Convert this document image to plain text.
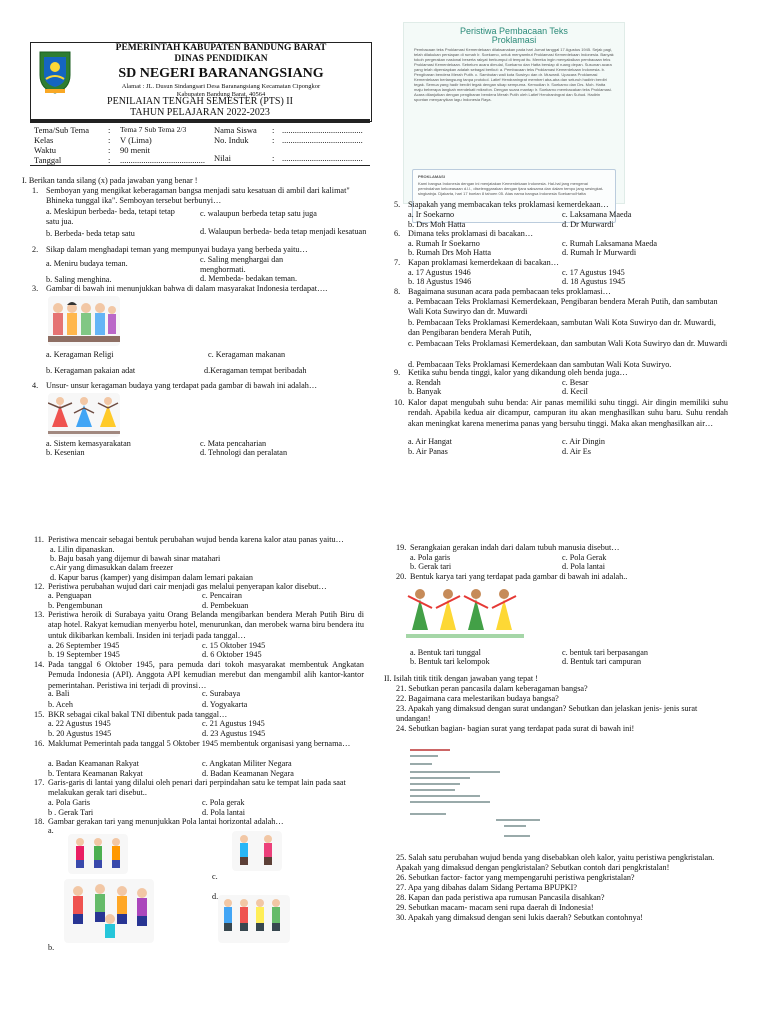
PEMERINTAH KABUPATEN BANDUNG BARAT
DINAS PENDIDIKAN
SD NEGERI BARANANGSIANG
Alamat : JL. Dusun Sindangsari Desa Baranangsiang Kecamatan Cipongkor
Kabupaten Bandung Barat, 40564
PENILAIAN TENGAH SEMESTER (PTS) II
TAHUN PELAJARAN 2022-2023
Tema/Sub Tema : Tema 7 Sub Tema 2/3
Kelas	: V (Lima)
Waktu	: 90 menit
Tanggal	: ........................................
Nama Siswa : ......................................
No. Induk	: ......................................
Nilai	: ......................................
I. Berikan tanda silang (x) pada jawaban yang benar !
1. Semboyan yang mengikat keberagaman bangsa menjadi satu kesatuan di ambil dari kalimat" Bhineka tunggal ika". Semboyan tersebut berbunyi…
a. Meskipun berbeda- beda, tetapi tetap satu jua.
b. Berbeda- beda tetap satu
c. walaupun berbeda tetap satu juga
d. Walaupun berbeda- beda tetap menjadi kesatuan
2. Sikap dalam menghadapi teman yang mempunyai budaya yang berbeda yaitu…
a. Meniru budaya teman.
b. Saling menghina.
c. Saling menghargai dan menghormati.
d. Membeda- bedakan teman.
3. Gambar di bawah ini menunjukkan bahwa di dalam masyarakat Indonesia terdapat….
a. Keragaman Religi
b. Keragaman pakaian adat
c. Keragaman makanan
d.Keragaman tempat beribadah
4. Unsur- unsur keragaman budaya yang terdapat pada gambar di bawah ini adalah…
a. Sistem kemasyarakatan
b. Kesenian
c. Mata pencaharian
d. Tehnologi dan peralatan
Peristiwa Pembacaan Teks
Proklamasi
Pembacaan teks Proklamasi Kemerdekaan dilaksanakan pada hari Jumat tanggal 17 Agustus 1945. Sejak pagi, telah dilakukan persiapan di rumah Ir. Soekarno, untuk menyambut Proklamasi Kemerdekaan Indonesia. Banyak tokoh pergerakan nasional beserta rakyat berkumpul di tempat itu. Mereka ingin menyaksikan pembacaan teks Proklamasi Kemerdekaan. Sebelum acara dimulai, Soekarno dan Hatta bersiap di ruang depan. Susunan acara yang telah dipersiapkan adalah sebagai berikut: a. Pembacaan teks Proklamasi Kemerdekaan Indonesia. b. Pengibaran bendera Merah Putih. c. Sambutan wali kota Suwiryo dan dr. Muwardi. Upacara Proklamasi Kemerdekaan berlangsung tanpa protokol. Latief Hendraningrat memberi aba-aba dan seluruh hadirin berdiri tegak. Semua yang hadir berdiri tegak dengan sikap sempurna. Kemudian Ir. Soekarno dan Drs. Moh. Hatta maju beberapa langkah mendekati mikrofon. Dengan suara mantap Ir. Soekarno membacakan teks Proklamasi. Acara dilanjutkan dengan pengibaran bendera Merah Putih oleh Latief Hendraningrat dan Suhud. Hadirin spontan menyanyikan lagu Indonesia Raya.
PROKLAMASI
Kami bangsa Indonesia dengan ini menjatakan Kemerdekaan Indonesia. Hal-hal jang mengenai pemindahan kekoeasaan d.l.l., diselenggarakan dengan tjara saksama dan dalam tempo jang sesingkat-singkatnja. Djakarta, hari 17 boelan 8 tahoen 05. Atas nama bangsa Indonesia Soekarno/Hatta
5. Siapakah yang membacakan teks proklamasi kemerdekaan…
a. Ir Soekarno
b. Drs Moh Hatta
c. Laksamana Maeda
d. Dr Murwardi
6. Dimana teks proklamasi di bacakan…
a. Rumah Ir Soekarno
b. Rumah Drs Moh Hatta
c. Rumah Laksamana Maeda
d. Rumah Ir Murwardi
7. Kapan proklamasi kemerdekaan di bacakan…
a. 17 Agustus 1946
b. 18 Agustus 1946
c. 17 Agustus 1945
d. 18 Agustus 1945
8. Bagaimana susunan acara pada pembacaan teks proklamasi…
a. Pembacaan Teks Proklamasi Kemerdekaan, Pengibaran bendera Merah Putih, dan sambutan Wali Kota Suwiryo dan dr. Muwardi
b. Pembacaan Teks Proklamasi Kemerdekaan, sambutan Wali Kota Suwiryo dan dr. Muwardi, dan Pengibaran bendera Merah Putih,
c. Pembacaan Teks Proklamasi Kemerdekaan, dan sambutan Wali Kota Suwiryo dan dr. Muwardi
d. Pembacaan Teks Proklamasi Kemerdekaan dan sambutan Wali Kota Suwiryo.
9. Ketika suhu benda tinggi, kalor yang dikandung oleh benda juga…
a. Rendah
b. Banyak
c. Besar
d. Kecil
10. Kalor dapat mengubah suhu benda: Air panas memiliki suhu tinggi. Air dingin memiliki suhu rendah. Apabila kedua air dicampur, campuran itu akan menghasilkan suhu baru. Suhu rendah akan meningkat karena menerima panas yang bersuhu tinggi. Maka akan menghasilkan air…
a. Air Hangat
b. Air Panas
c. Air Dingin
d. Air Es
11. Peristiwa mencair sebagai bentuk perubahan wujud benda karena kalor atau panas yaitu…
a. Lilin dipanaskan.
b. Baju basah yang dijemur di bawah sinar matahari
c.Air yang dimasukkan dalam freezer
d. Kapur barus (kamper) yang disimpan dalam lemari pakaian
12. Peristiwa perubahan wujud dari cair menjadi gas melalui penyerapan kalor disebut…
a. Penguapan
b. Pengembunan
c. Pencairan
d. Pembekuan
13. Peristiwa heroik di Surabaya yaitu Orang Belanda mengibarkan bendera Merah Putih Biru di atap hotel. Rakyat kemudian menyerbu hotel, menurunkan, dan merobek warna biru bendera itu untuk dikibarkan kembali. Insiden ini terjadi pada tanggal…
a. 26 September 1945
b. 19 September 1945
c. 15 Oktober 1945
d. 6 Oktober 1945
14. Pada tanggal 6 Oktober 1945, para pemuda dari tokoh masyarakat membentuk Angkatan Pemuda Indonesia (API). Anggota API kemudian merebut dan mengambil alih kantor-kantor pemerintahan. Peristiwa ini terjadi di provinsi…
a. Bali
b. Aceh
c. Surabaya
d. Yogyakarta
15. BKR sebagai cikal bakal TNI dibentuk pada tanggal…
a. 22 Agustus 1945
b. 20 Agustus 1945
c. 21 Agustus 1945
d. 23 Agustus 1945
16. Maklumat Pemerintah pada tanggal 5 Oktober 1945 membentuk organisasi yang bernama…
a. Badan Keamanan Rakyat
b. Tentara Keamanan Rakyat
c. Angkatan Militer Negara
d. Badan Keamanan Negara
17. Garis-garis di lantai yang dilalui oleh penari dari perpindahan satu ke tempat lain pada saat melakukan gerak tari disebut..
a. Pola Garis
b . Gerak Tari
c. Pola gerak
d. Pola lantai
18. Gambar gerakan tari yang menunjukkan Pola lantai horizontal adalah…
a.
c.
d.
b.
19. Serangkaian gerakan indah dari dalam tubuh manusia disebut…
a. Pola garis
b. Gerak tari
c. Pola Gerak
d. Pola lantai
20. Bentuk karya tari yang terdapat pada gambar di bawah ini adalah..
a. Bentuk tari tunggal
b. Bentuk tari kelompok
c. bentuk tari berpasangan
d. Bentuk tari campuran
II. Isilah titik titik dengan jawaban yang tepat !
21. Sebutkan peran pancasila dalam keberagaman bangsa?
22. Bagaimana cara melestarikan budaya bangsa?
23. Apakah yang dimaksud dengan surat undangan? Sebutkan dan jelaskan jenis- jenis surat undangan!
24. Sebutkan bagian- bagian surat yang terdapat pada surat di bawah ini!
25. Salah satu perubahan wujud benda yang disebabkan oleh kalor, yaitu peristiwa pengkristalan. Apakah yang dimaksud dengan pengkristalan? Sebutkan contoh dari pengkristalan!
26. Sebutkan factor- factor yang mempengaruhi peristiwa pengkristalan?
27. Apa yang dibahas dalam Sidang Pertama BPUPKI?
28. Kapan dan pada peristiwa apa rumusan Pancasila disahkan?
29. Sebutkan macam- macam seni rupa daerah di Indonesia!
30. Apakah yang dimaksud dengan seni lukis daerah? Sebutkan contohnya!
